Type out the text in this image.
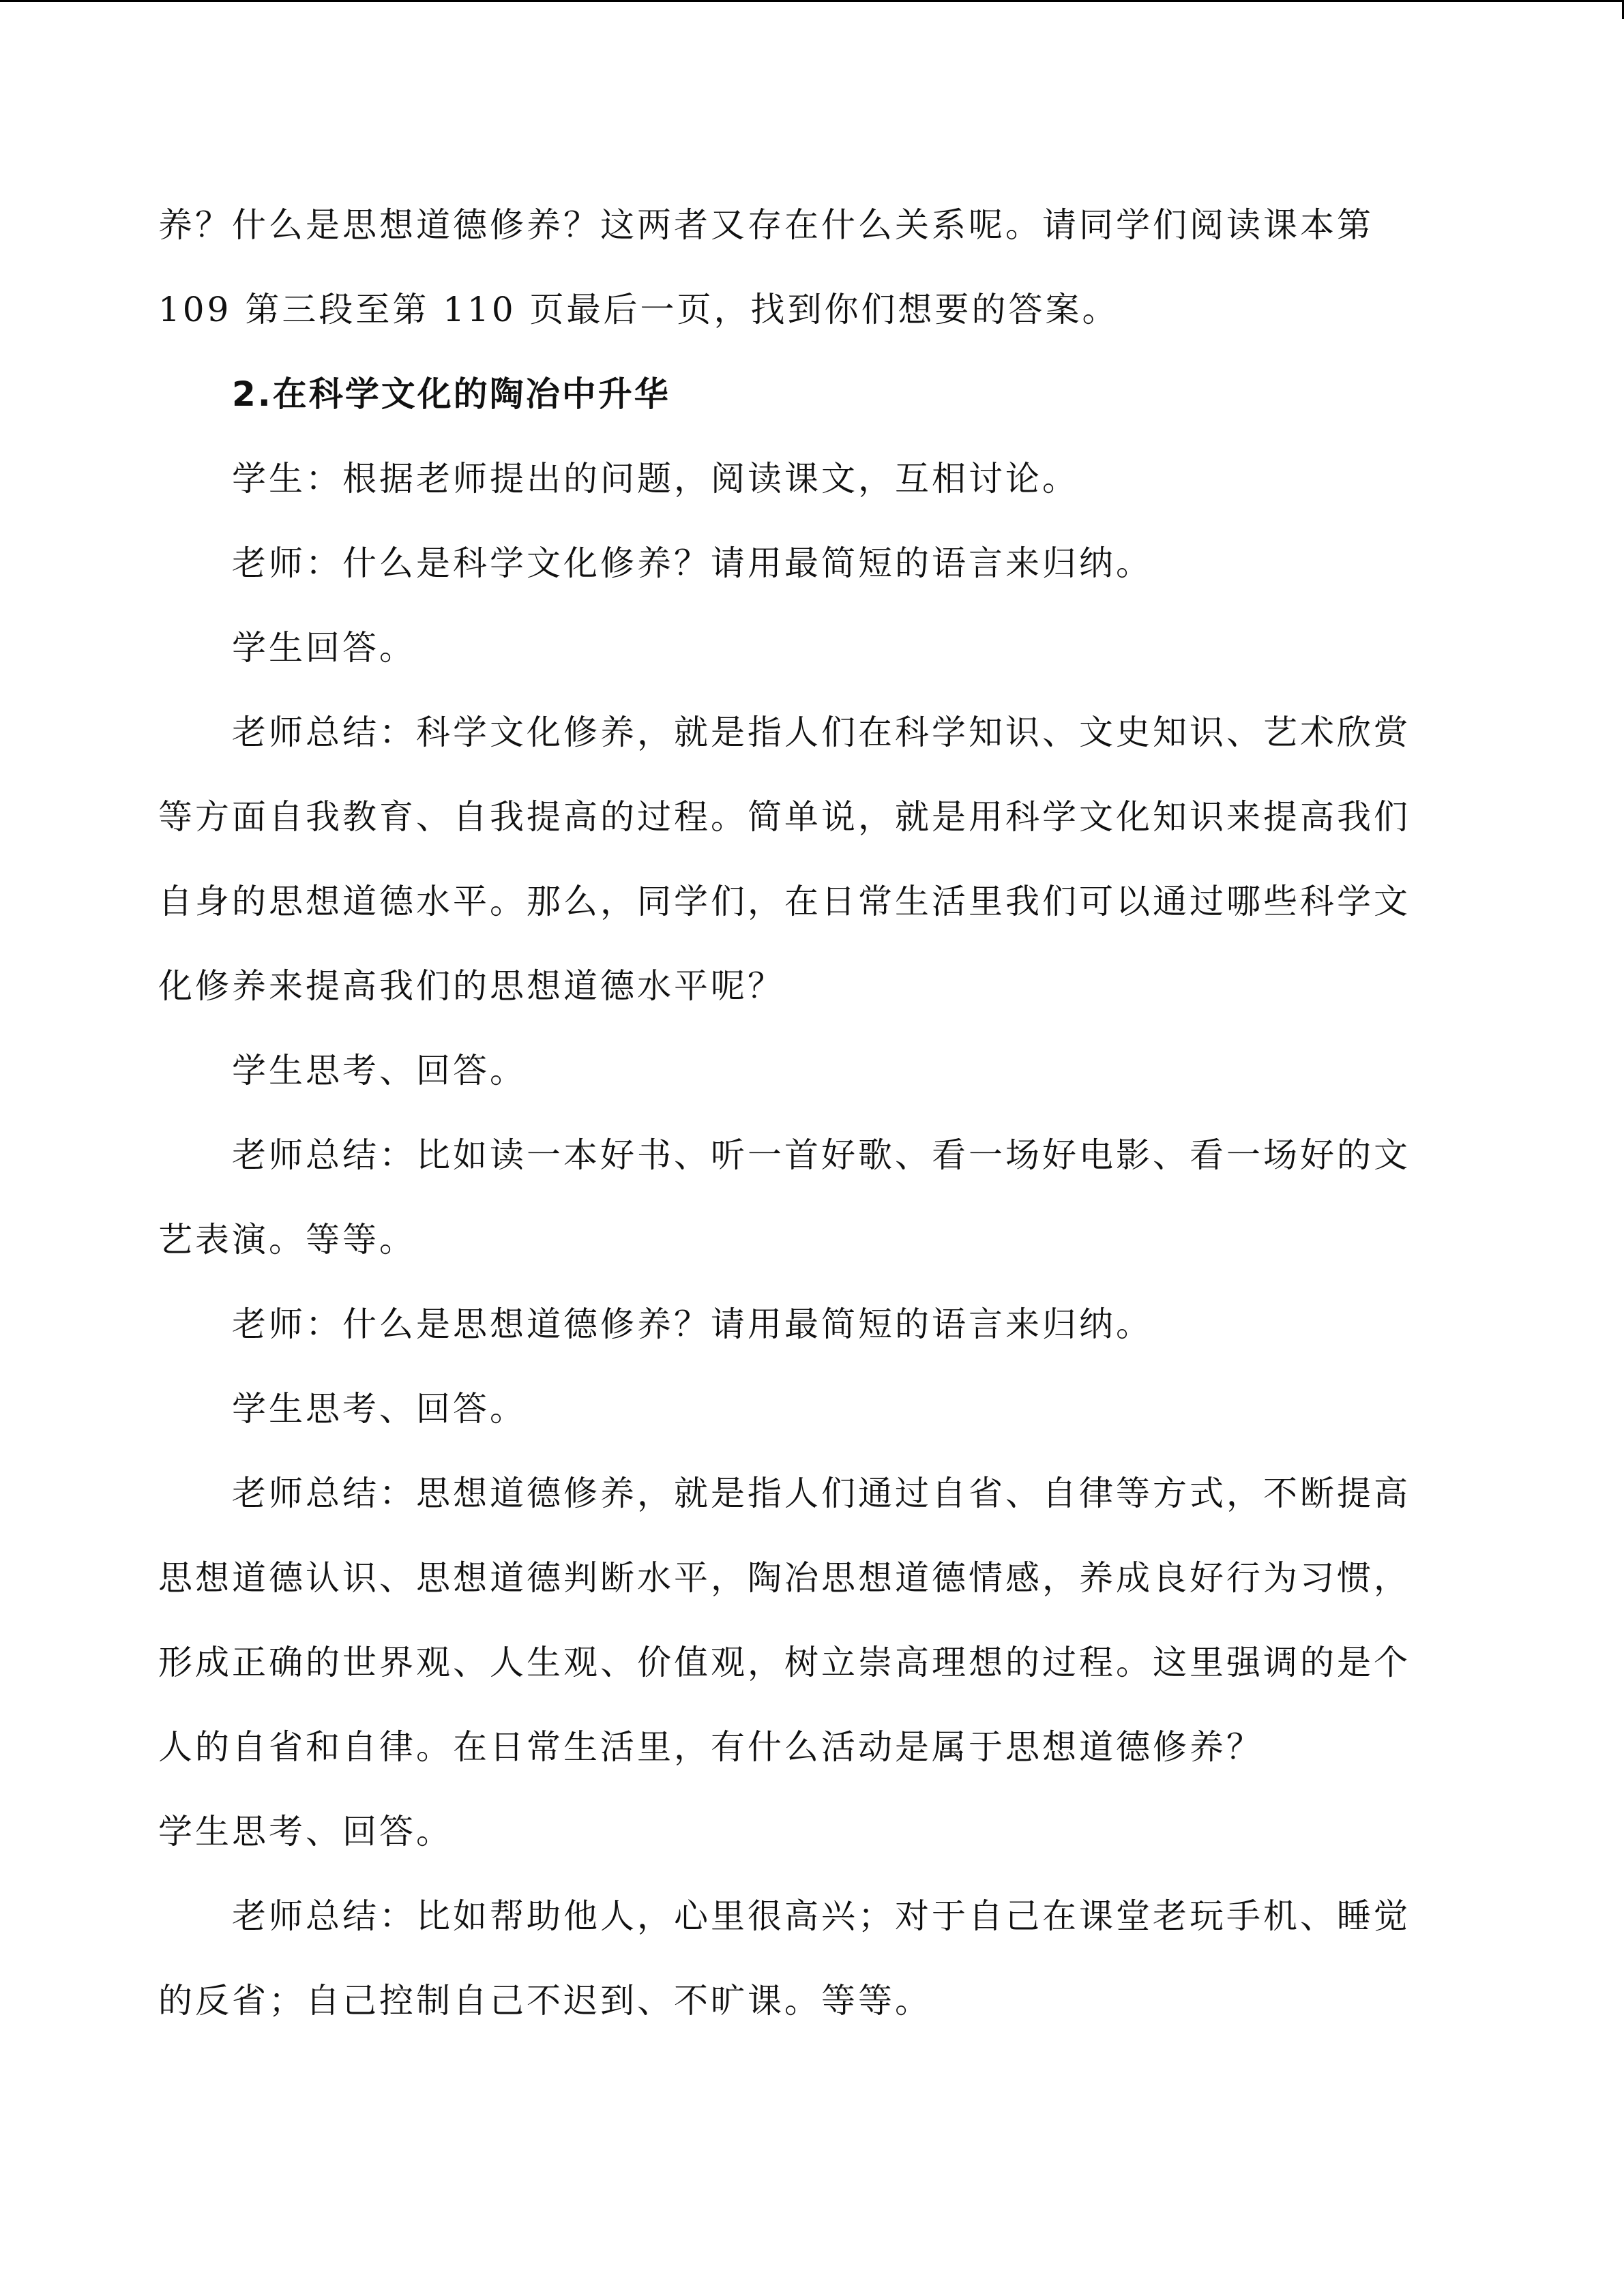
养？什么是思想道德修养？这两者又存在什么关系呢。请同学们阅读课本第
109 第三段至第 110 页最后一页，找到你们想要的答案。
2.在科学文化的陶冶中升华
学生：根据老师提出的问题，阅读课文，互相讨论。
老师：什么是科学文化修养？请用最简短的语言来归纳。
学生回答。
老师总结：科学文化修养，就是指人们在科学知识、文史知识、艺术欣赏
等方面自我教育、自我提高的过程。简单说，就是用科学文化知识来提高我们
自身的思想道德水平。那么，同学们，在日常生活里我们可以通过哪些科学文
化修养来提高我们的思想道德水平呢？
学生思考、回答。
老师总结：比如读一本好书、听一首好歌、看一场好电影、看一场好的文
艺表演。等等。
老师：什么是思想道德修养？请用最简短的语言来归纳。
学生思考、回答。
老师总结：思想道德修养，就是指人们通过自省、自律等方式，不断提高
思想道德认识、思想道德判断水平，陶冶思想道德情感，养成良好行为习惯，
形成正确的世界观、人生观、价值观，树立崇高理想的过程。这里强调的是个
人的自省和自律。在日常生活里，有什么活动是属于思想道德修养？
学生思考、回答。
老师总结：比如帮助他人，心里很高兴；对于自己在课堂老玩手机、睡觉
的反省；自己控制自己不迟到、不旷课。等等。
